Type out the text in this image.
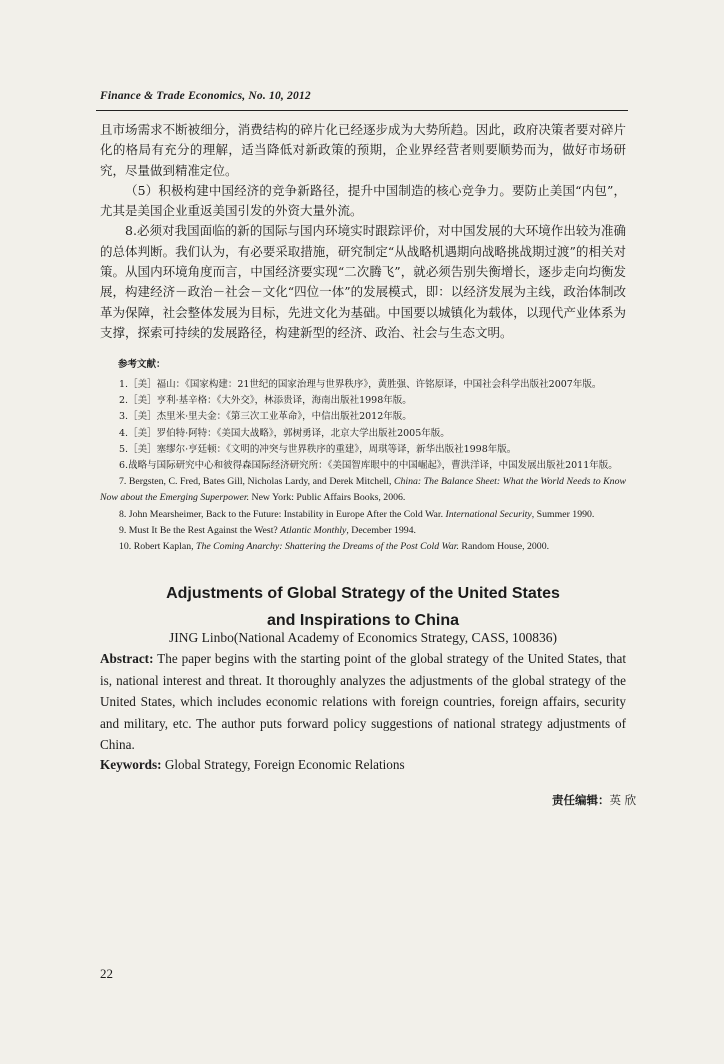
Finance & Trade Economics, No. 10, 2012

且市场需求不断被细分，消费结构的碎片化已经逐步成为大势所趋。因此，政府决策者要对碎片化的格局有充分的理解，适当降低对新政策的预期，企业界经营者则要顺势而为，做好市场研究，尽量做到精准定位。

（5）积极构建中国经济的竞争新路径，提升中国制造的核心竞争力。要防止美国“内包”，尤其是美国企业重返美国引发的外资大量外流。

8.必须对我国面临的新的国际与国内环境实时跟踪评价，对中国发展的大环境作出较为准确的总体判断。我们认为，有必要采取措施，研究制定“从战略机遇期向战略挑战期过渡”的相关对策。从国内环境角度而言，中国经济要实现“二次腾飞”，就必须告别失衡增长，逐步走向均衡发展，构建经济－政治－社会－文化“四位一体”的发展模式，即：以经济发展为主线，政治体制改革为保障，社会整体发展为目标，先进文化为基础。中国要以城镇化为载体，以现代产业体系为支撑，探索可持续的发展路径，构建新型的经济、政治、社会与生态文明。

参考文献：
1.［美］福山：《国家构建：21世纪的国家治理与世界秩序》，黄胜强、许铭原译，中国社会科学出版社2007年版。
2.［美］亨利·基辛格：《大外交》，林添贵译，海南出版社1998年版。
3.［美］杰里米·里夫金：《第三次工业革命》，中信出版社2012年版。
4.［美］罗伯特·阿特：《美国大战略》，郭树勇译，北京大学出版社2005年版。
5.［美］塞缪尔·亨廷顿：《文明的冲突与世界秩序的重建》，周琪等译，新华出版社1998年版。
6.战略与国际研究中心和彼得森国际经济研究所：《美国智库眼中的中国崛起》，曹洪洋译，中国发展出版社2011年版。
7. Bergsten, C. Fred, Bates Gill, Nicholas Lardy, and Derek Mitchell, China: The Balance Sheet: What the World Needs to Know Now about the Emerging Superpower. New York: Public Affairs Books, 2006.
8. John Mearsheimer, Back to the Future: Instability in Europe After the Cold War. International Security, Summer 1990.
9. Must It Be the Rest Against the West? Atlantic Monthly, December 1994.
10. Robert Kaplan, The Coming Anarchy: Shattering the Dreams of the Post Cold War. Random House, 2000.
Adjustments of Global Strategy of the United States
and Inspirations to China
JING Linbo(National Academy of Economics Strategy, CASS, 100836)
Abstract: The paper begins with the starting point of the global strategy of the United States, that is, national interest and threat. It thoroughly analyzes the adjustments of the global strategy of the United States, which includes economic relations with foreign countries, foreign affairs, security and military, etc. The author puts forward policy suggestions of national strategy adjustments of China.
Keywords: Global Strategy, Foreign Economic Relations
责任编辑：英 欣
22
